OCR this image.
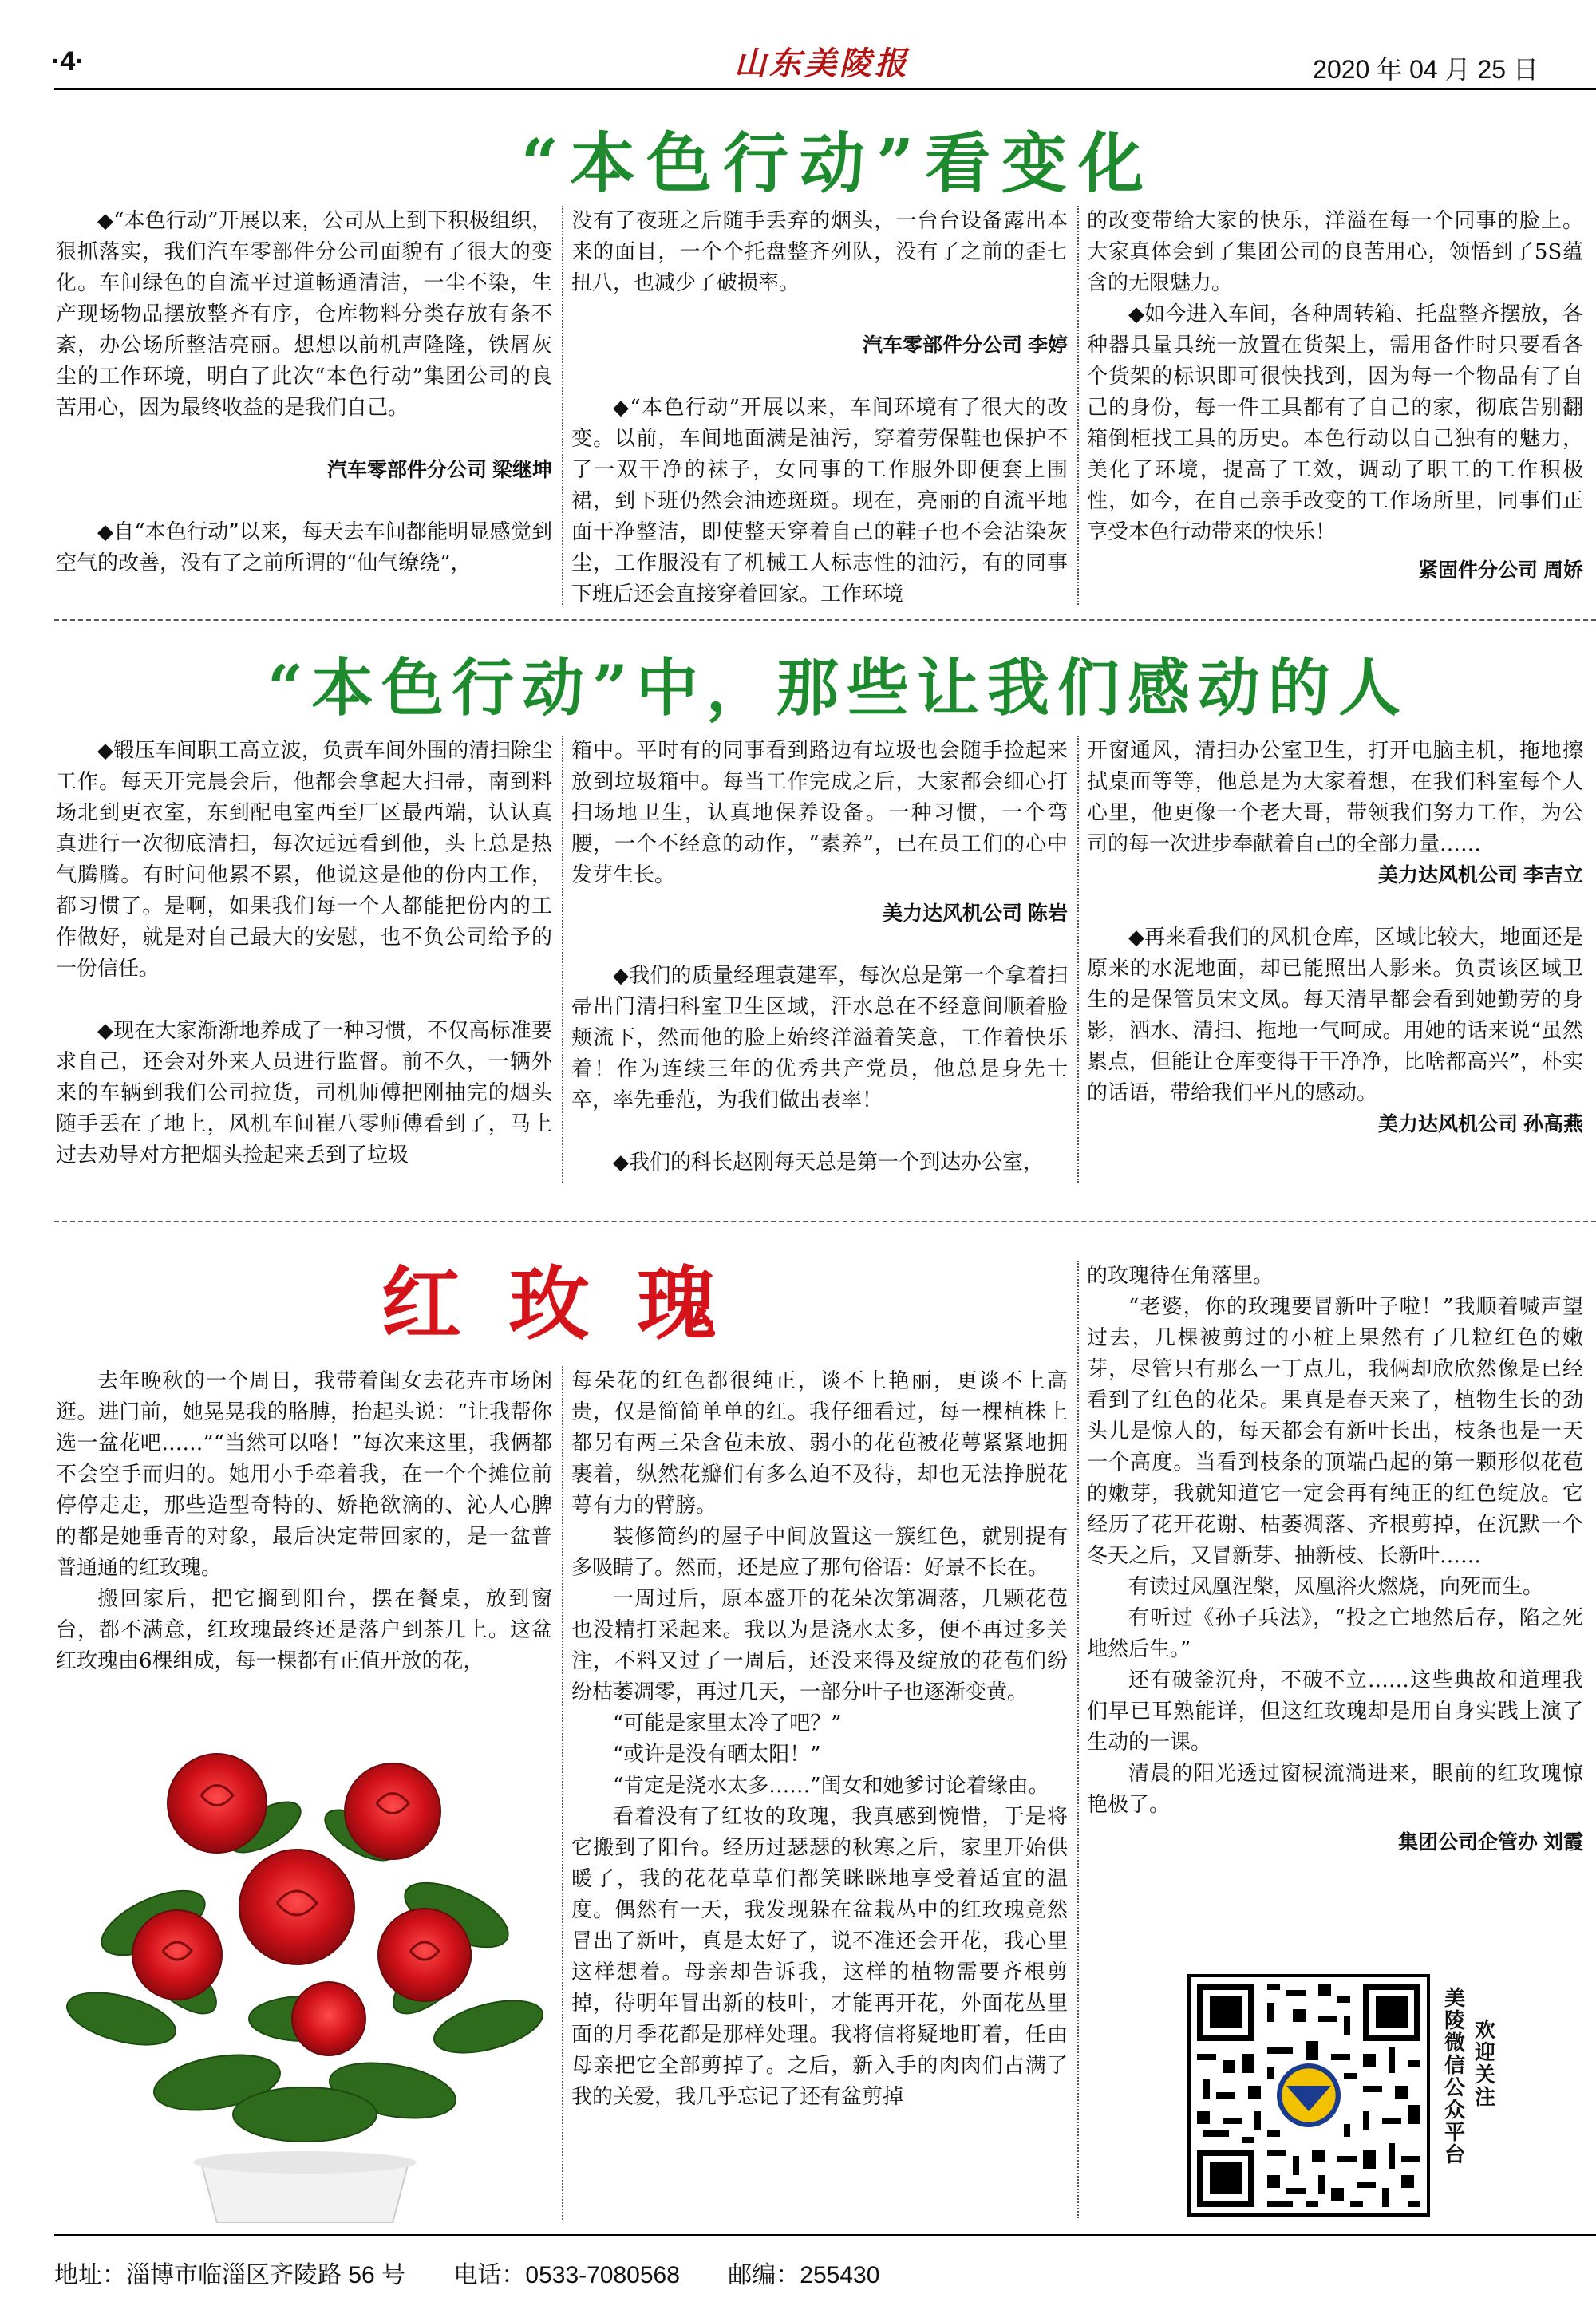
·4·	山东美陵报	2020 年 04 月 25 日
“本色行动”看变化

◆“本色行动”开展以来，公司从上到下积极组织，狠抓落实，我们汽车零部件分公司面貌有了很大的变化。车间绿色的自流平过道畅通清洁，一尘不染，生产现场物品摆放整齐有序，仓库物料分类存放有条不紊，办公场所整洁亮丽。想想以前机声隆隆，铁屑灰尘的工作环境，明白了此次“本色行动”集团公司的良苦用心，因为最终收益的是我们自己。

汽车零部件分公司 梁继坤

◆自“本色行动”以来，每天去车间都能明显感觉到空气的改善，没有了之前所谓的“仙气缭绕”，

没有了夜班之后随手丢弃的烟头，一台台设备露出本来的面目，一个个托盘整齐列队，没有了之前的歪七扭八，也减少了破损率。

汽车零部件分公司 李婷

◆“本色行动”开展以来，车间环境有了很大的改变。以前，车间地面满是油污，穿着劳保鞋也保护不了一双干净的袜子，女同事的工作服外即便套上围裙，到下班仍然会油迹斑斑。现在，亮丽的自流平地面干净整洁，即使整天穿着自己的鞋子也不会沾染灰尘，工作服没有了机械工人标志性的油污，有的同事下班后还会直接穿着回家。工作环境

的改变带给大家的快乐，洋溢在每一个同事的脸上。大家真体会到了集团公司的良苦用心，领悟到了5S蕴含的无限魅力。

◆如今进入车间，各种周转箱、托盘整齐摆放，各种器具量具统一放置在货架上，需用备件时只要看各个货架的标识即可很快找到，因为每一个物品有了自己的身份，每一件工具都有了自己的家，彻底告别翻箱倒柜找工具的历史。本色行动以自己独有的魅力，美化了环境，提高了工效，调动了职工的工作积极性，如今，在自己亲手改变的工作场所里，同事们正享受本色行动带来的快乐！

紧固件分公司 周娇

“本色行动”中，那些让我们感动的人

◆锻压车间职工高立波，负责车间外围的清扫除尘工作。每天开完晨会后，他都会拿起大扫帚，南到料场北到更衣室，东到配电室西至厂区最西端，认认真真进行一次彻底清扫，每次远远看到他，头上总是热气腾腾。有时问他累不累，他说这是他的份内工作，都习惯了。是啊，如果我们每一个人都能把份内的工作做好，就是对自己最大的安慰，也不负公司给予的一份信任。

◆现在大家渐渐地养成了一种习惯，不仅高标准要求自己，还会对外来人员进行监督。前不久，一辆外来的车辆到我们公司拉货，司机师傅把刚抽完的烟头随手丢在了地上，风机车间崔八零师傅看到了，马上过去劝导对方把烟头捡起来丢到了垃圾

箱中。平时有的同事看到路边有垃圾也会随手捡起来放到垃圾箱中。每当工作完成之后，大家都会细心打扫场地卫生，认真地保养设备。一种习惯，一个弯腰，一个不经意的动作，“素养”，已在员工们的心中发芽生长。

美力达风机公司 陈岩

◆我们的质量经理袁建军，每次总是第一个拿着扫帚出门清扫科室卫生区域，汗水总在不经意间顺着脸颊流下，然而他的脸上始终洋溢着笑意，工作着快乐着！作为连续三年的优秀共产党员，他总是身先士卒，率先垂范，为我们做出表率！

◆我们的科长赵刚每天总是第一个到达办公室，

开窗通风，清扫办公室卫生，打开电脑主机，拖地擦拭桌面等等，他总是为大家着想，在我们科室每个人心里，他更像一个老大哥，带领我们努力工作，为公司的每一次进步奉献着自己的全部力量……

美力达风机公司 李吉立

◆再来看我们的风机仓库，区域比较大，地面还是原来的水泥地面，却已能照出人影来。负责该区域卫生的是保管员宋文凤。每天清早都会看到她勤劳的身影，洒水、清扫、拖地一气呵成。用她的话来说“虽然累点，但能让仓库变得干干净净，比啥都高兴”，朴实的话语，带给我们平凡的感动。

美力达风机公司 孙高燕

红玫瑰

去年晚秋的一个周日，我带着闺女去花卉市场闲逛。进门前，她晃晃我的胳膊，抬起头说：“让我帮你选一盆花吧……”“当然可以咯！”每次来这里，我俩都不会空手而归的。她用小手牵着我，在一个个摊位前停停走走，那些造型奇特的、娇艳欲滴的、沁人心脾的都是她垂青的对象，最后决定带回家的，是一盆普普通通的红玫瑰。

搬回家后，把它搁到阳台，摆在餐桌，放到窗台，都不满意，红玫瑰最终还是落户到茶几上。这盆红玫瑰由6棵组成，每一棵都有正值开放的花，

每朵花的红色都很纯正，谈不上艳丽，更谈不上高贵，仅是简简单单的红。我仔细看过，每一棵植株上都另有两三朵含苞未放、弱小的花苞被花萼紧紧地拥裹着，纵然花瓣们有多么迫不及待，却也无法挣脱花萼有力的臂膀。

装修简约的屋子中间放置这一簇红色，就别提有多吸睛了。然而，还是应了那句俗语：好景不长在。

一周过后，原本盛开的花朵次第凋落，几颗花苞也没精打采起来。我以为是浇水太多，便不再过多关注，不料又过了一周后，还没来得及绽放的花苞们纷纷枯萎凋零，再过几天，一部分叶子也逐渐变黄。

“可能是家里太冷了吧？”

“或许是没有晒太阳！”

“肯定是浇水太多……”闺女和她爹讨论着缘由。

看着没有了红妆的玫瑰，我真感到惋惜，于是将它搬到了阳台。经历过瑟瑟的秋寒之后，家里开始供暖了，我的花花草草们都笑眯眯地享受着适宜的温度。偶然有一天，我发现躲在盆栽丛中的红玫瑰竟然冒出了新叶，真是太好了，说不准还会开花，我心里这样想着。母亲却告诉我，这样的植物需要齐根剪掉，待明年冒出新的枝叶，才能再开花，外面花丛里面的月季花都是那样处理。我将信将疑地盯着，任由母亲把它全部剪掉了。之后，新入手的肉肉们占满了我的关爱，我几乎忘记了还有盆剪掉

的玫瑰待在角落里。

“老婆，你的玫瑰要冒新叶子啦！”我顺着喊声望过去，几棵被剪过的小桩上果然有了几粒红色的嫩芽，尽管只有那么一丁点儿，我俩却欣欣然像是已经看到了红色的花朵。果真是春天来了，植物生长的劲头儿是惊人的，每天都会有新叶长出，枝条也是一天一个高度。当看到枝条的顶端凸起的第一颗形似花苞的嫩芽，我就知道它一定会再有纯正的红色绽放。它经历了花开花谢、枯萎凋落、齐根剪掉，在沉默一个冬天之后，又冒新芽、抽新枝、长新叶……

有读过凤凰涅槃，凤凰浴火燃烧，向死而生。

有听过《孙子兵法》，“投之亡地然后存，陷之死地然后生。”

还有破釜沉舟，不破不立……这些典故和道理我们早已耳熟能详，但这红玫瑰却是用自身实践上演了生动的一课。

清晨的阳光透过窗棂流淌进来，眼前的红玫瑰惊艳极了。

集团公司企管办 刘霞

美陵微信公众平台
欢迎关注
地址：淄博市临淄区齐陵路 56 号 电话：0533-7080568 邮编：255430
